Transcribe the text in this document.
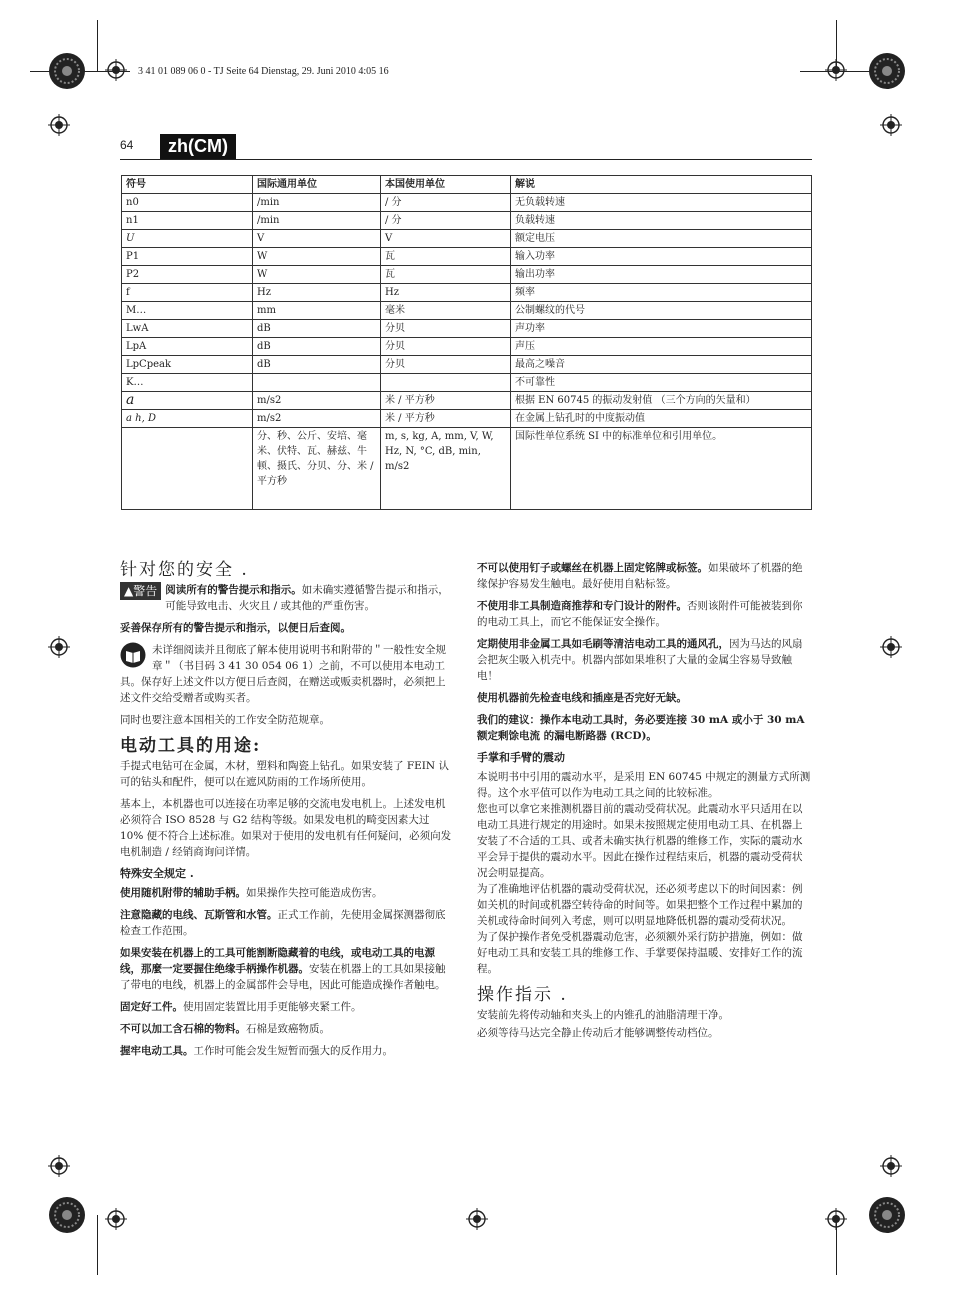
3 41 01 089 06 0 - TJ Seite 64 Dienstag, 29. Juni 2010 4:05 16
64	zh(CM)
符号	国际通用单位	本国使用单位	解说
n0	/min	/ 分	无负载转速
n1	/min	/ 分	负载转速
U	V	V	额定电压
P1	W	瓦	输入功率
P2	W	瓦	输出功率
f	Hz	Hz	频率
M…	mm	毫米	公制螺纹的代号
LwA	dB	分贝	声功率
LpA	dB	分贝	声压
LpCpeak	dB	分贝	最高之噪音
K…			不可靠性
a	m/s2	米 / 平方秒	根据 EN 60745 的振动发射值 （三个方向的矢量和）
a h, D	m/s2	米 / 平方秒	在金属上钻孔时的中度振动值
	分、秒、公斤、安培、毫米、伏特、瓦、赫兹、牛顿、摄氏、分贝、分、米 / 平方秒	m, s, kg, A, mm, V, W, Hz, N, °C, dB, min, m/s2	国际性单位系统 SI 中的标准单位和引用单位。
针对您的安全 .

▲警告 阅读所有的警告提示和指示。如未确实遵循警告提示和指示，可能导致电击、火灾且 / 或其他的严重伤害。

妥善保存所有的警告提示和指示，以便日后查阅。

未详细阅读并且彻底了解本使用说明书和附带的＂一般性安全规章＂（书目码 3 41 30 054 06 1）之前，不可以使用本电动工具。保存好上述文件以方便日后查阅，在赠送或贩卖机器时，必须把上述文件交给受赠者或购买者。

同时也要注意本国相关的工作安全防范规章。

电动工具的用途:

手提式电钻可在金属，木材，塑料和陶瓷上钻孔。如果安装了 FEIN 认可的钻头和配件，便可以在遮风防雨的工作场所使用。

基本上，本机器也可以连接在功率足够的交流电发电机上。上述发电机必须符合 ISO 8528 与 G2 结构等级。如果发电机的畸变因素大过 10% 便不符合上述标准。如果对于使用的发电机有任何疑问，必须向发电机制造 / 经销商询问详情。

特殊安全规定 .

使用随机附带的辅助手柄。如果操作失控可能造成伤害。

注意隐藏的电线、瓦斯管和水管。正式工作前，先使用金属探测器彻底检查工作范围。

如果安装在机器上的工具可能割断隐藏着的电线，或电动工具的电源线，那麼一定要握住绝缘手柄操作机器。安装在机器上的工具如果接触了带电的电线，机器上的金属部件会导电，因此可能造成操作者触电。

固定好工件。使用固定装置比用手更能够夹紧工件。

不可以加工含石棉的物料。石棉是致癌物质。

握牢电动工具。工作时可能会发生短暂而强大的反作用力。

不可以使用钉子或螺丝在机器上固定铭牌或标签。如果破坏了机器的绝缘保护容易发生触电。最好使用自粘标签。

不使用非工具制造商推荐和专门设计的附件。否则该附件可能被装到你的电动工具上，而它不能保证安全操作。

定期使用非金属工具如毛刷等清洁电动工具的通风孔，因为马达的风扇会把灰尘吸入机壳中。机器内部如果堆积了大量的金属尘容易导致触电！

使用机器前先检查电线和插座是否完好无缺。

我们的建议：操作本电动工具时，务必要连接 30 mA 或小于 30 mA 额定剩馀电流 的漏电断路器 (RCD)。

手掌和手臂的震动

本说明书中引用的震动水平，是采用 EN 60745 中规定的测量方式所测得。这个水平值可以作为电动工具之间的比较标准。

您也可以拿它来推测机器目前的震动受荷状况。此震动水平只适用在以电动工具进行规定的用途时。如果未按照规定使用电动工具、在机器上安装了不合适的工具、或者未确实执行机器的维修工作，实际的震动水平会异于提供的震动水平。因此在操作过程结束后，机器的震动受荷状况会明显提高。

为了准确地评估机器的震动受荷状况，还必须考虑以下的时间因素：例如关机的时间或机器空转待命的时间等。如果把整个工作过程中累加的关机或待命时间列入考虑，则可以明显地降低机器的震动受荷状况。

为了保护操作者免受机器震动危害，必须额外采行防护措施，例如：做好电动工具和安装工具的维修工作、手掌要保持温暖、安排好工作的流程。

操作指示 .

安装前先将传动轴和夹头上的内锥孔的油脂清理干净。

必须等待马达完全静止传动后才能够调整传动档位。
